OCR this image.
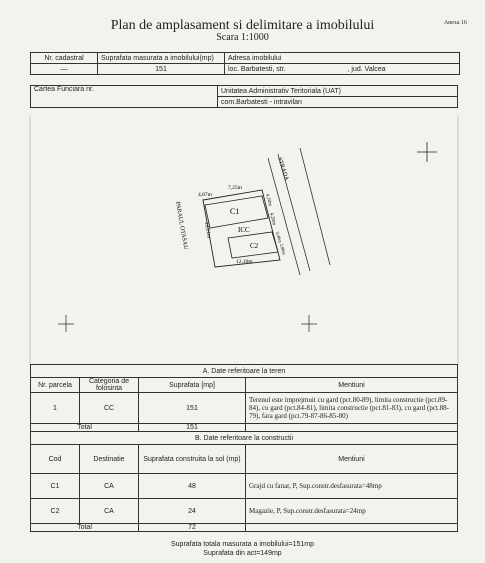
Plan de amplasament si delimitare a imobilului
Scara 1:1000
Anexa 16
Nr. cadastral	Suprafata masurata a imobilului(mp)	Adresa imobilului
—	151	loc. Barbatesti, str. , jud. Valcea
Cartea Funciara nr.	Unitatea Administrativ Teritoriala (UAT)
com.Barbatesti - intravilan
C1
ICC
C2
4,87m
7,25m
12,10m
12,51m
4,10m
4,20m
3,40m
2,80m
STRADA
PARAUL OTASAU
A. Date referitoare la teren			
Nr. parcela	Categoria de folosinta	Suprafata [mp]	Mentiuni
1	CC	151	Terenul este imprejmuit cu gard (pct.80-89), limita constructie (pct.89-84), cu gard (pct.84-81), limita constructie (pct.81-83), cu gard (pct.88-79), fara gard (pct.79-87-86-85-80)
Total		151	
B. Date referitoare la constructii			
Cod	Destinatie	Suprafata construita la sol (mp)	Mentiuni
C1	CA	48	Grajd cu fanar, P, Sup.constr.desfasurata=48mp
C2	CA	24	Magazie, P, Sup.constr.desfasurata=24mp
Total		72	
Suprafata totala masurata a imobilului=151mp
Suprafata din act=149mp
